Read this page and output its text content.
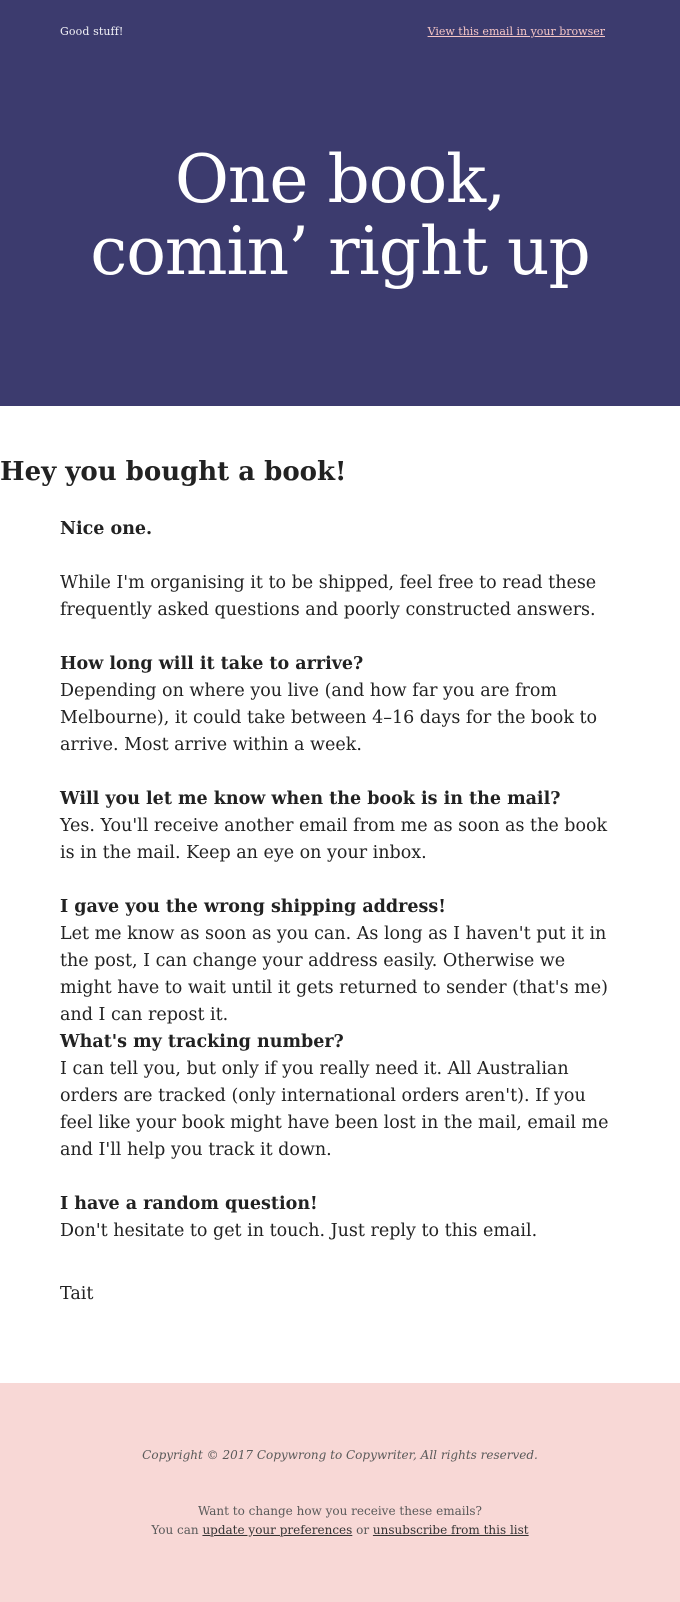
Good stuff!	View this email in your browser
One book,
comin’ right up
Hey you bought a book!

Nice one.

While I'm organising it to be shipped, feel free to read these frequently asked questions and poorly constructed answers.

How long will it take to arrive?
Depending on where you live (and how far you are from Melbourne), it could take between 4–16 days for the book to arrive. Most arrive within a week.

Will you let me know when the book is in the mail?
Yes. You'll receive another email from me as soon as the book is in the mail. Keep an eye on your inbox.

I gave you the wrong shipping address!
Let me know as soon as you can. As long as I haven't put it in the post, I can change your address easily. Otherwise we might have to wait until it gets returned to sender (that's me) and I can repost it.

What's my tracking number?
I can tell you, but only if you really need it. All Australian orders are tracked (only international orders aren't). If you feel like your book might have been lost in the mail, email me and I'll help you track it down.

I have a random question!
Don't hesitate to get in touch. Just reply to this email.

Tait

Copyright © 2017 Copywrong to Copywriter, All rights reserved.
Want to change how you receive these emails?
You can update your preferences or unsubscribe from this list
